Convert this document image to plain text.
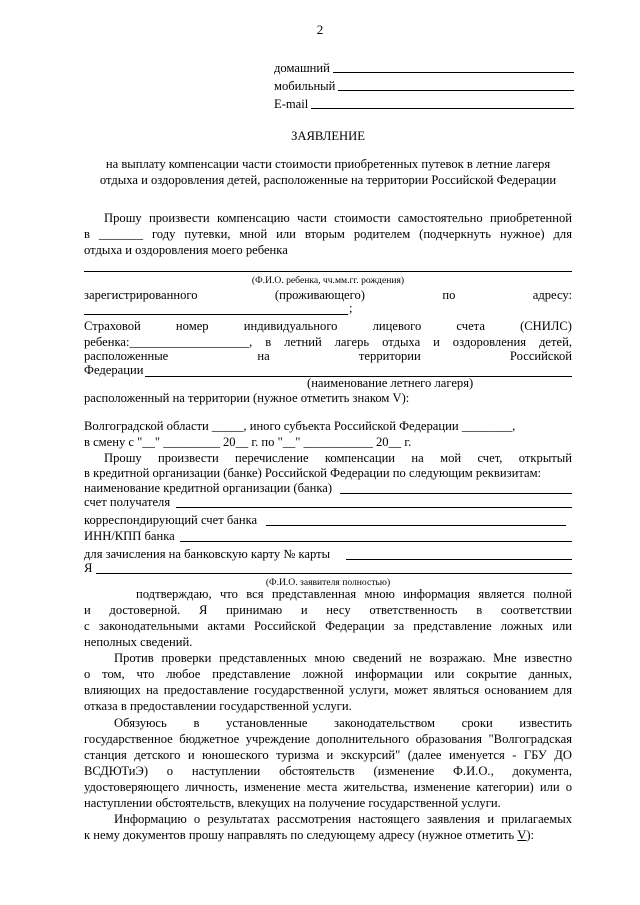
2
домашний
мобильный
E-mail
ЗАЯВЛЕНИЕ
на выплату компенсации части стоимости приобретенных путевок в летние лагеря
отдыха и оздоровления детей, расположенные на территории Российской Федерации
Прошу произвести компенсацию части стоимости самостоятельно приобретенной
в _______ году путевки, мной или вторым родителем (подчеркнуть нужное) для
отдыха и оздоровления моего ребенка
(Ф.И.О. ребенка, чч.мм.гг. рождения)
зарегистрированного (проживающего) по адресу:
;
Страховой номер индивидуального лицевого счета (СНИЛС)
ребенка:___________________, в летний лагерь отдыха и оздоровления детей,
расположенные на территории Российской
Федерации
(наименование летнего лагеря)
расположенный на территории (нужное отметить знаком V):
Волгоградской области _____, иного субъекта Российской Федерации ________,
в смену с "__" _________ 20__ г. по "__" ___________ 20__ г.
Прошу произвести перечисление компенсации на мой счет, открытый
в кредитной организации (банке) Российской Федерации по следующим реквизитам:
наименование кредитной организации (банка)
счет получателя
корреспондирующий счет банка
ИНН/КПП банка
для зачисления на банковскую карту № карты
Я
(Ф.И.О. заявителя полностью)
подтверждаю, что вся представленная мною информация является полной
и достоверной. Я принимаю и несу ответственность в соответствии
с законодательными актами Российской Федерации за представление ложных или
неполных сведений.
Против проверки представленных мною сведений не возражаю. Мне известно
о том, что любое представление ложной информации или сокрытие данных,
влияющих на предоставление государственной услуги, может являться основанием для
отказа в предоставлении государственной услуги.
Обязуюсь в установленные законодательством сроки известить
государственное бюджетное учреждение дополнительного образования "Волгоградская
станция детского и юношеского туризма и экскурсий" (далее именуется - ГБУ ДО
ВСДЮТиЭ) о наступлении обстоятельств (изменение Ф.И.О., документа,
удостоверяющего личность, изменение места жительства, изменение категории) или о
наступлении обстоятельств, влекущих на получение государственной услуги.
Информацию о результатах рассмотрения настоящего заявления и прилагаемых
к нему документов прошу направлять по следующему адресу (нужное отметить V):
